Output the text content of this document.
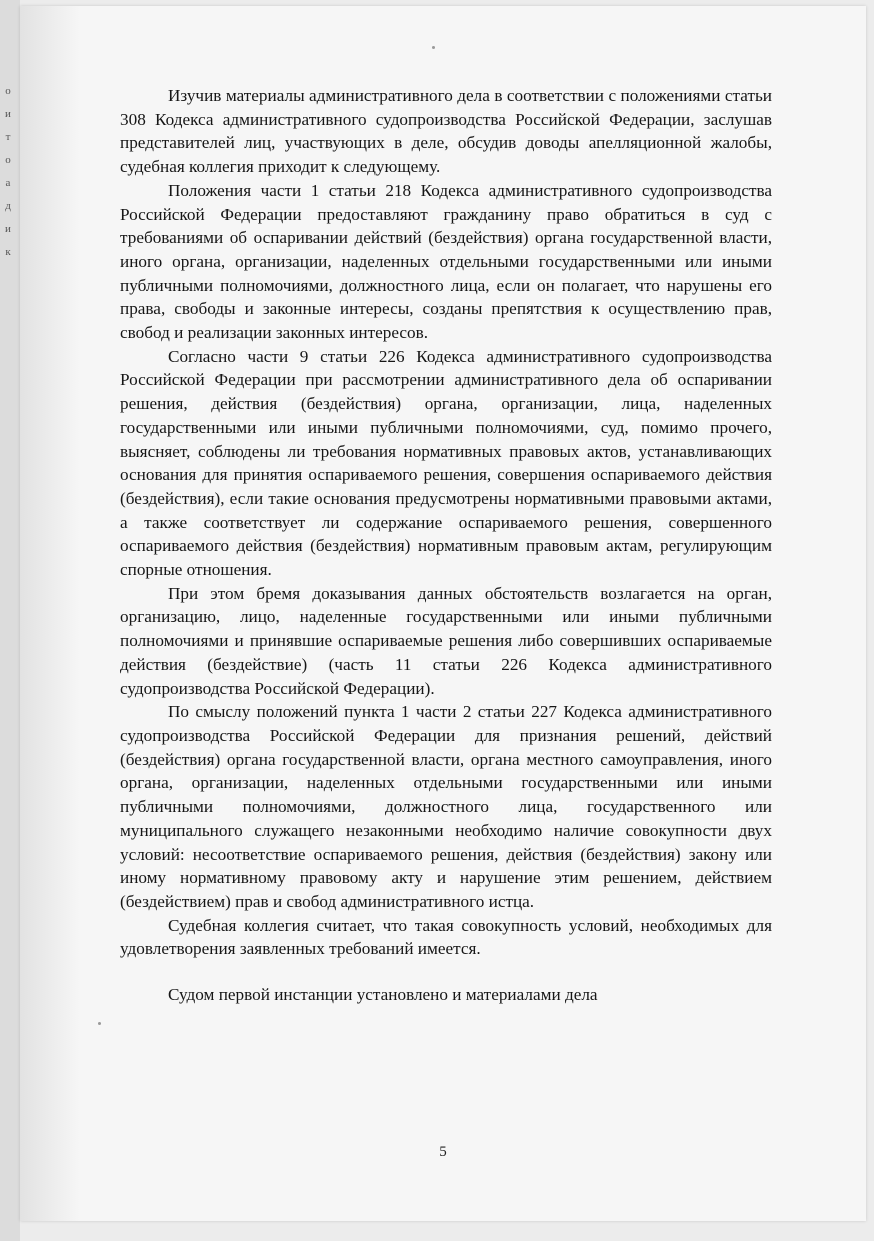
о
и
т
о
а
д
и
к

Изучив материалы административного дела в соответствии с положениями статьи 308 Кодекса административного судопроизводства Российской Федерации, заслушав представителей лиц, участвующих в деле, обсудив доводы апелляционной жалобы, судебная коллегия приходит к следующему.

Положения части 1 статьи 218 Кодекса административного судопроизводства Российской Федерации предоставляют гражданину право обратиться в суд с требованиями об оспаривании действий (бездействия) органа государственной власти, иного органа, организации, наделенных отдельными государственными или иными публичными полномочиями, должностного лица, если он полагает, что нарушены его права, свободы и законные интересы, созданы препятствия к осуществлению прав, свобод и реализации законных интересов.

Согласно части 9 статьи 226 Кодекса административного судопроизводства Российской Федерации при рассмотрении административного дела об оспаривании решения, действия (бездействия) органа, организации, лица, наделенных государственными или иными публичными полномочиями, суд, помимо прочего, выясняет, соблюдены ли требования нормативных правовых актов, устанавливающих основания для принятия оспариваемого решения, совершения оспариваемого действия (бездействия), если такие основания предусмотрены нормативными правовыми актами, а также соответствует ли содержание оспариваемого решения, совершенного оспариваемого действия (бездействия) нормативным правовым актам, регулирующим спорные отношения.

При этом бремя доказывания данных обстоятельств возлагается на орган, организацию, лицо, наделенные государственными или иными публичными полномочиями и принявшие оспариваемые решения либо совершивших оспариваемые действия (бездействие) (часть 11 статьи 226 Кодекса административного судопроизводства Российской Федерации).

По смыслу положений пункта 1 части 2 статьи 227 Кодекса административного судопроизводства Российской Федерации для признания решений, действий (бездействия) органа государственной власти, органа местного самоуправления, иного органа, организации, наделенных отдельными государственными или иными публичными полномочиями, должностного лица, государственного или муниципального служащего незаконными необходимо наличие совокупности двух условий: несоответствие оспариваемого решения, действия (бездействия) закону или иному нормативному правовому акту и нарушение этим решением, действием (бездействием) прав и свобод административного истца.

Судебная коллегия считает, что такая совокупность условий, необходимых для удовлетворения заявленных требований имеется.

Судом первой инстанции установлено и материалами дела

5
